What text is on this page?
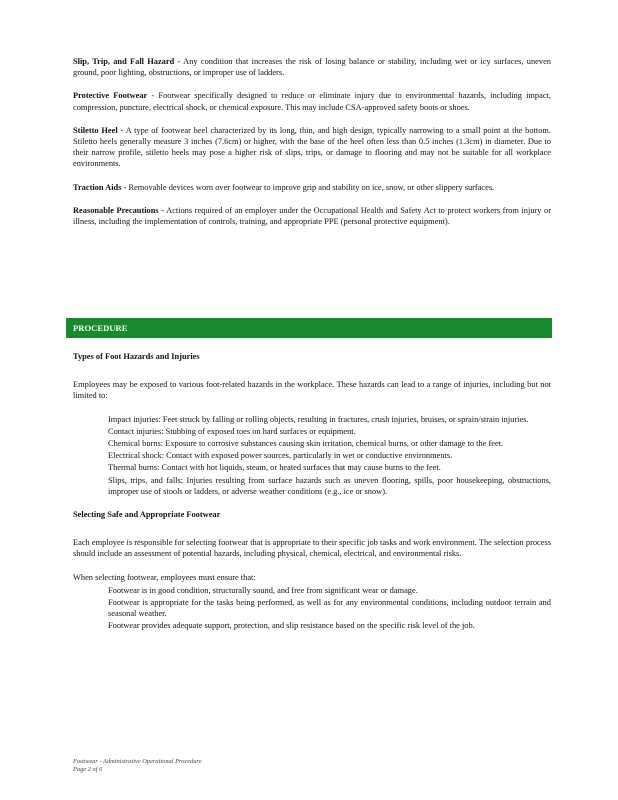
Slip, Trip, and Fall Hazard - Any condition that increases the risk of losing balance or stability, including wet or icy surfaces, uneven ground, poor lighting, obstructions, or improper use of ladders.

Protective Footwear - Footwear specifically designed to reduce or eliminate injury due to environmental hazards, including impact, compression, puncture, electrical shock, or chemical exposure. This may include CSA-approved safety boots or shoes.

Stiletto Heel - A type of footwear heel characterized by its long, thin, and high design, typically narrowing to a small point at the bottom. Stiletto heels generally measure 3 inches (7.6cm) or higher, with the base of the heel often less than 0.5 inches (1.3cm) in diameter. Due to their narrow profile, stiletto heels may pose a higher risk of slips, trips, or damage to flooring and may not be suitable for all workplace environments.

Traction Aids - Removable devices worn over footwear to improve grip and stability on ice, snow, or other slippery surfaces.

Reasonable Precautions - Actions required of an employer under the Occupational Health and Safety Act to protect workers from injury or illness, including the implementation of controls, training, and appropriate PPE (personal protective equipment).

PROCEDURE
Types of Foot Hazards and Injuries

Employees may be exposed to various foot-related hazards in the workplace. These hazards can lead to a range of injuries, including but not limited to:

Impact injuries: Feet struck by falling or rolling objects, resulting in fractures, crush injuries, bruises, or sprain/strain injuries.
Contact injuries: Stubbing of exposed toes on hard surfaces or equipment.
Chemical burns: Exposure to corrosive substances causing skin irritation, chemical burns, or other damage to the feet.
Electrical shock: Contact with exposed power sources, particularly in wet or conductive environments.
Thermal burns: Contact with hot liquids, steam, or heated surfaces that may cause burns to the feet.
Slips, trips, and falls: Injuries resulting from surface hazards such as uneven flooring, spills, poor housekeeping, obstructions, improper use of stools or ladders, or adverse weather conditions (e.g., ice or snow).
Selecting Safe and Appropriate Footwear

Each employee is responsible for selecting footwear that is appropriate to their specific job tasks and work environment. The selection process should include an assessment of potential hazards, including physical, chemical, electrical, and environmental risks.

When selecting footwear, employees must ensure that:

Footwear is in good condition, structurally sound, and free from significant wear or damage.
Footwear is appropriate for the tasks being performed, as well as for any environmental conditions, including outdoor terrain and seasonal weather.
Footwear provides adequate support, protection, and slip resistance based on the specific risk level of the job.
Footwear - Administrative Operational Procedure
Page 2 of 6
